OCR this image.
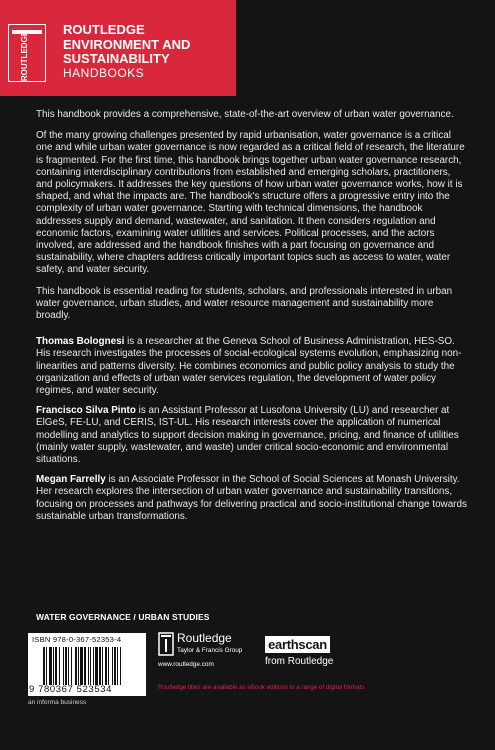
ROUTLEDGE
ROUTLEDGE ENVIRONMENT AND SUSTAINABILITY
HANDBOOKS

This handbook provides a comprehensive, state-of-the-art overview of urban water governance.

Of the many growing challenges presented by rapid urbanisation, water governance is a critical one and while urban water governance is now regarded as a critical field of research, the literature is fragmented. For the first time, this handbook brings together urban water governance research, containing interdisciplinary contributions from established and emerging scholars, practitioners, and policymakers. It addresses the key questions of how urban water governance works, how it is shaped, and what the impacts are. The handbook's structure offers a progressive entry into the complexity of urban water governance. Starting with technical dimensions, the handbook addresses supply and demand, wastewater, and sanitation. It then considers regulation and economic factors, examining water utilities and services. Political processes, and the actors involved, are addressed and the handbook finishes with a part focusing on governance and sustainability, where chapters address critically important topics such as access to water, water safety, and water security.

This handbook is essential reading for students, scholars, and professionals interested in urban water governance, urban studies, and water resource management and sustainability more broadly.

Thomas Bolognesi is a researcher at the Geneva School of Business Administration, HES-SO. His research investigates the processes of social-ecological systems evolution, emphasizing non-linearities and patterns diversity. He combines economics and public policy analysis to study the organization and effects of urban water services regulation, the development of water policy regimes, and water security.

Francisco Silva Pinto is an Assistant Professor at Lusofona University (LU) and researcher at ElGeS, FE-LU, and CERIS, IST-UL. His research interests cover the application of numerical modelling and analytics to support decision making in governance, pricing, and finance of utilities (mainly water supply, wastewater, and waste) under critical socio-economic and environmental situations.

Megan Farrelly is an Associate Professor in the School of Social Sciences at Monash University. Her research explores the intersection of urban water governance and sustainability transitions, focusing on processes and pathways for delivering practical and socio-institutional change towards sustainable urban transformations.

WATER GOVERNANCE / URBAN STUDIES
ISBN 978-0-367-52353-4
9 780367 523534
an informa business
Routledge
Taylor & Francis Group
www.routledge.com
earthscan
from Routledge
Routledge titles are available as eBook editions in a range of digital formats
